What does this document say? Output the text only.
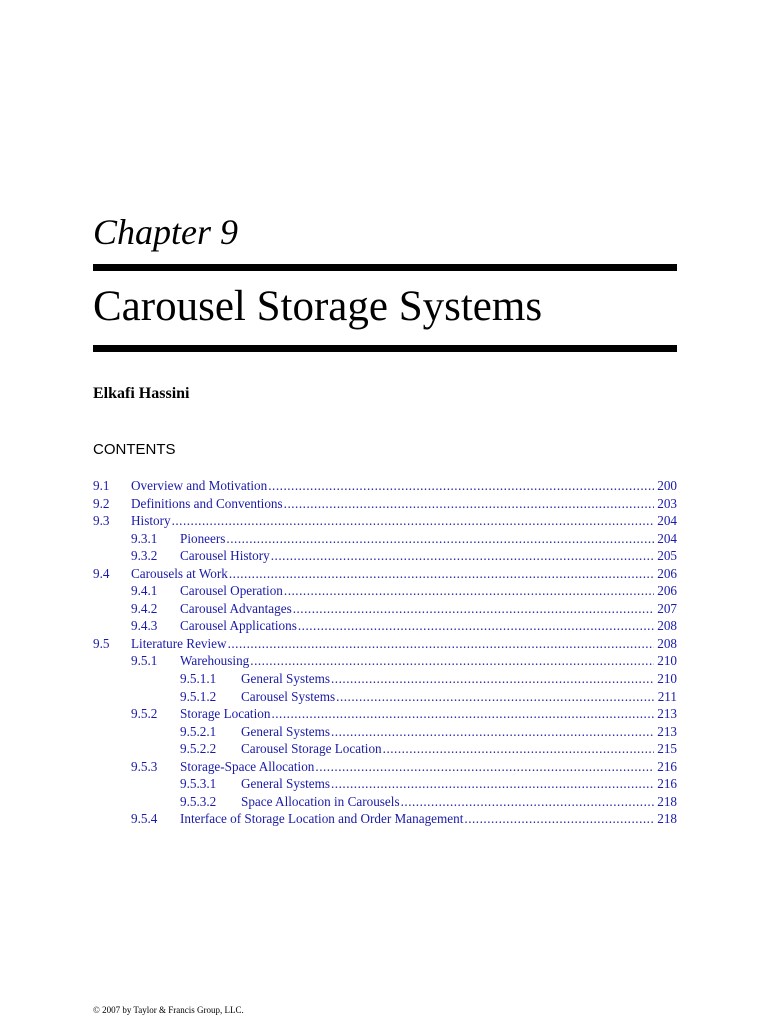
Chapter 9
Carousel Storage Systems
Elkafi Hassini
CONTENTS
9.1	Overview and Motivation .....	200
9.2	Definitions and Conventions .....	203
9.3	History .....	204
9.3.1	Pioneers .....	204
9.3.2	Carousel History .....	205
9.4	Carousels at Work .....	206
9.4.1	Carousel Operation .....	206
9.4.2	Carousel Advantages .....	207
9.4.3	Carousel Applications .....	208
9.5	Literature Review .....	208
9.5.1	Warehousing .....	210
9.5.1.1	General Systems .....	210
9.5.1.2	Carousel Systems .....	211
9.5.2	Storage Location .....	213
9.5.2.1	General Systems .....	213
9.5.2.2	Carousel Storage Location .....	215
9.5.3	Storage-Space Allocation .....	216
9.5.3.1	General Systems .....	216
9.5.3.2	Space Allocation in Carousels .....	218
9.5.4	Interface of Storage Location and Order Management .....	218
© 2007 by Taylor & Francis Group, LLC.
